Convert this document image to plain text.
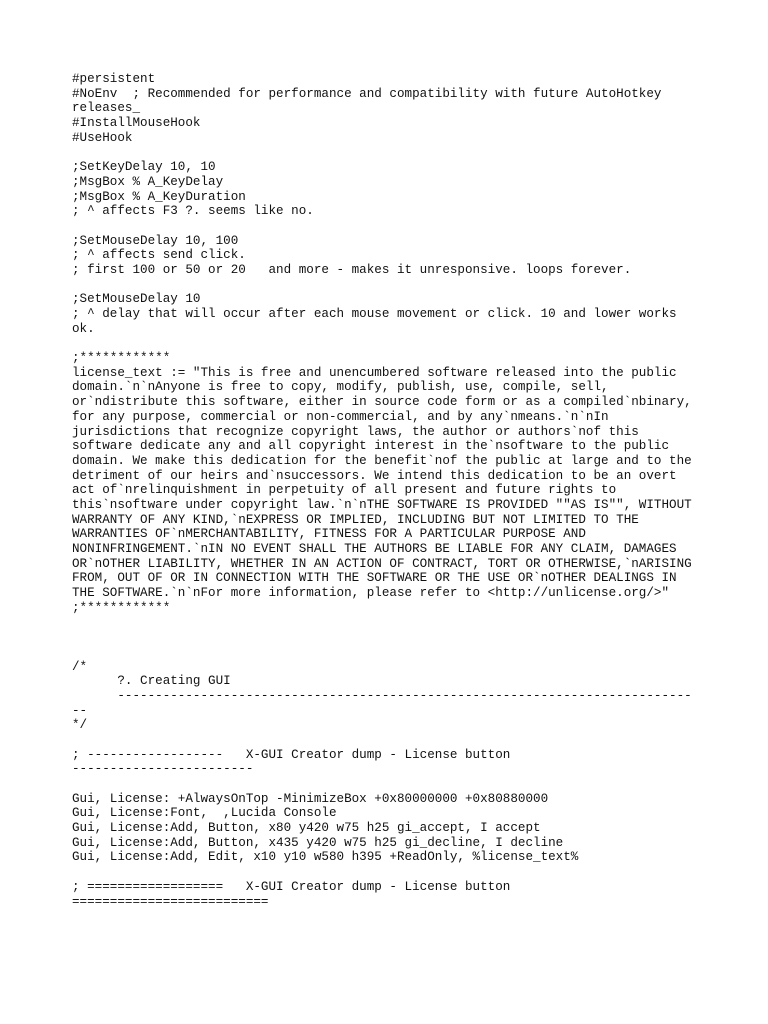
#persistent
#NoEnv  ; Recommended for performance and compatibility with future AutoHotkey
releases_
#InstallMouseHook
#UseHook
;SetKeyDelay 10, 10
;MsgBox % A_KeyDelay
;MsgBox % A_KeyDuration
; ^ affects F3 ?. seems like no.
;SetMouseDelay 10, 100
; ^ affects send click.
; first 100 or 50 or 20   and more - makes it unresponsive. loops forever.
;SetMouseDelay 10
; ^ delay that will occur after each mouse movement or click. 10 and lower works
ok.
;************
license_text := "This is free and unencumbered software released into the public
domain.`n`nAnyone is free to copy, modify, publish, use, compile, sell,
or`ndistribute this software, either in source code form or as a compiled`nbinary,
for any purpose, commercial or non-commercial, and by any`nmeans.`n`nIn
jurisdictions that recognize copyright laws, the author or authors`nof this
software dedicate any and all copyright interest in the`nsoftware to the public
domain. We make this dedication for the benefit`nof the public at large and to the
detriment of our heirs and`nsuccessors. We intend this dedication to be an overt
act of`nrelinquishment in perpetuity of all present and future rights to
this`nsoftware under copyright law.`n`nTHE SOFTWARE IS PROVIDED ""AS IS"", WITHOUT
WARRANTY OF ANY KIND,`nEXPRESS OR IMPLIED, INCLUDING BUT NOT LIMITED TO THE
WARRANTIES OF`nMERCHANTABILITY, FITNESS FOR A PARTICULAR PURPOSE AND
NONINFRINGEMENT.`nIN NO EVENT SHALL THE AUTHORS BE LIABLE FOR ANY CLAIM, DAMAGES
OR`nOTHER LIABILITY, WHETHER IN AN ACTION OF CONTRACT, TORT OR OTHERWISE,`nARISING
FROM, OUT OF OR IN CONNECTION WITH THE SOFTWARE OR THE USE OR`nOTHER DEALINGS IN
THE SOFTWARE.`n`nFor more information, please refer to <http://unlicense.org/>"
;************
/*
?. Creating GUI
----------------------------------------------------------------------------
--
*/
; ------------------   X-GUI Creator dump - License button
------------------------
Gui, License: +AlwaysOnTop -MinimizeBox +0x80000000 +0x80880000
Gui, License:Font,  ,Lucida Console
Gui, License:Add, Button, x80 y420 w75 h25 gi_accept, I accept
Gui, License:Add, Button, x435 y420 w75 h25 gi_decline, I decline
Gui, License:Add, Edit, x10 y10 w580 h395 +ReadOnly, %license_text%
; ==================   X-GUI Creator dump - License button
==========================
